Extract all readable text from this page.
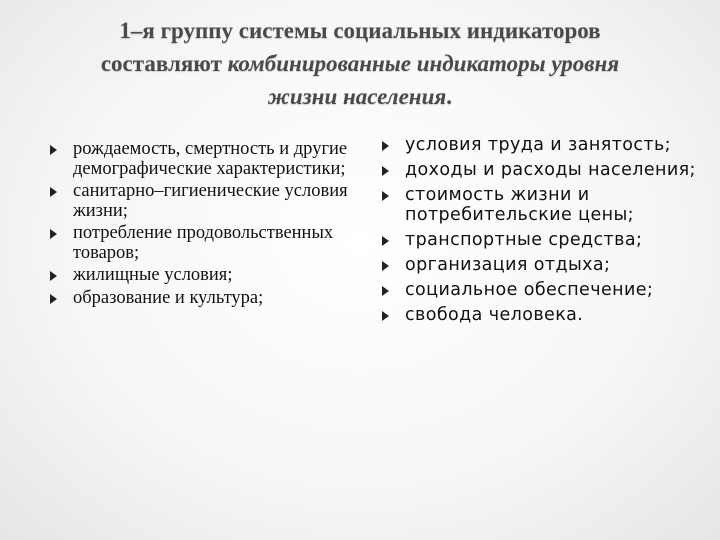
1–я группу системы социальных индикаторов
составляют комбинированные индикаторы уровня
жизни населения.
рождаемость, смертность и другие демографические характеристики;
санитарно–гигиенические условия жизни;
потребление продовольственных товаров;
жилищные условия;
образование и культура;
условия труда и занятость;
доходы и расходы населения;
стоимость жизни и потребительские цены;
транспортные средства;
организация отдыха;
социальное обеспечение;
свобода человека.
